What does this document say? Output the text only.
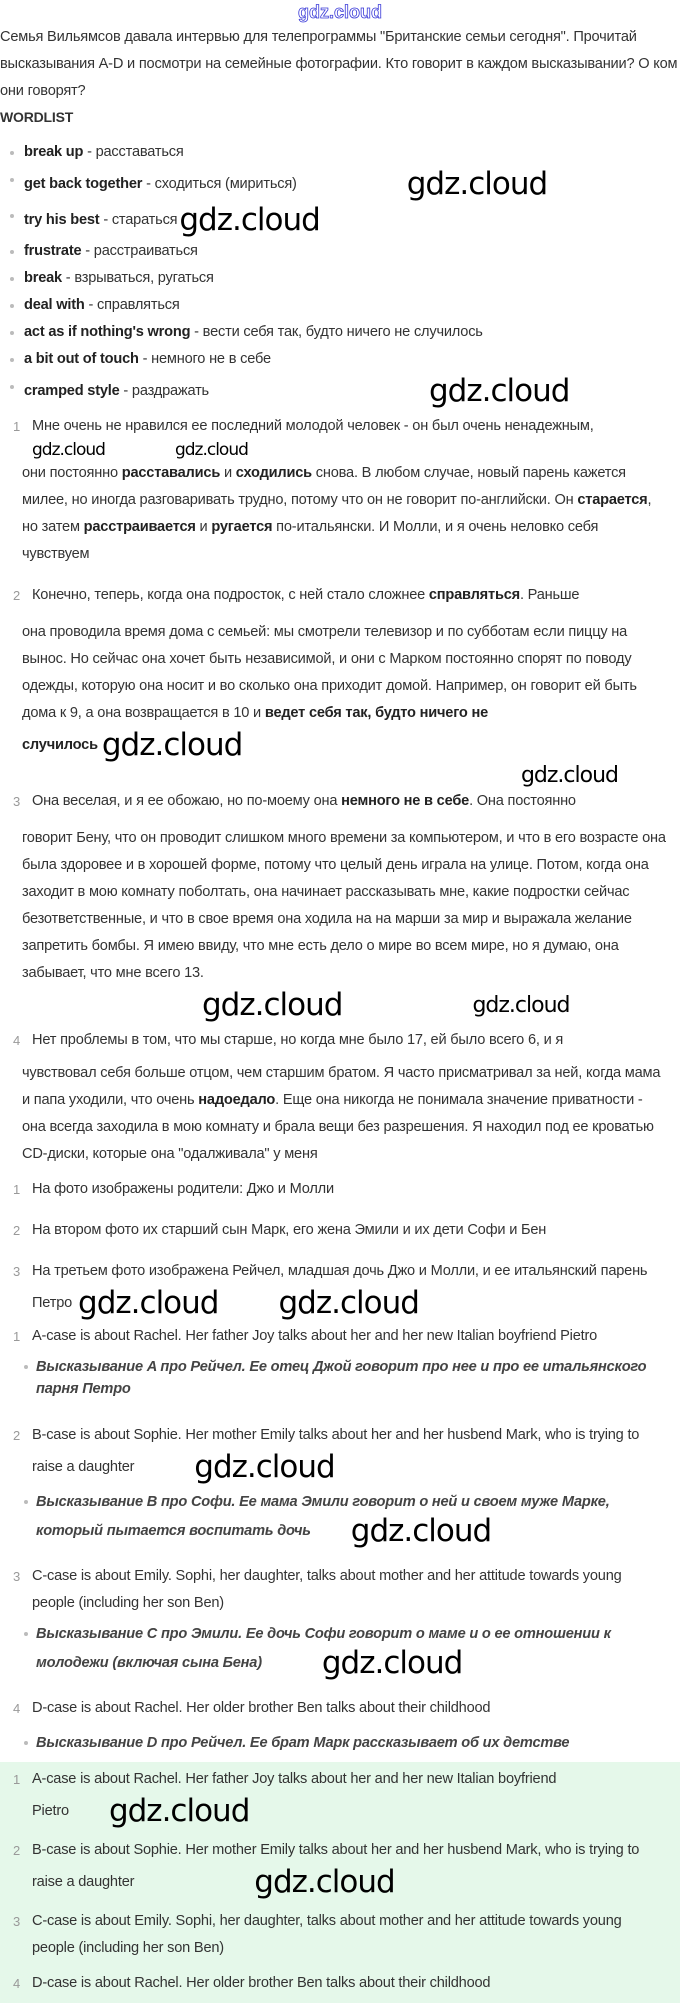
gdz.cloud
Семья Вильямсов давала интервью для телепрограммы "Британские семьи сегодня". Прочитай высказывания A-D и посмотри на семейные фотографии. Кто говорит в каждом высказывании? О ком они говорят?
WORDLIST
break up - расставаться
get back together - сходиться (мириться)	gdz.cloud
try his best - старатьсяgdz.cloud
frustrate - расстраиваться
break - взрываться, ругаться
deal with - справляться
act as if nothing's wrong - вести себя так, будто ничего не случилось
a bit out of touch - немного не в себе
cramped style - раздражать	gdz.cloud
1 Мне очень не нравился ее последний молодой человек - он был очень ненадежным,
gdz.cloud	gdz.cloud
они постоянно расставались и сходились снова. В любом случае, новый парень кажется милее, но иногда разговаривать трудно, потому что он не говорит по-английски. Он старается, но затем расстраивается и ругается по-итальянски. И Молли, и я очень неловко себя чувствуем
2 Конечно, теперь, когда она подросток, с ней стало сложнее справляться. Раньше
она проводила время дома с семьей: мы смотрели телевизор и по субботам если пиццу на вынос. Но сейчас она хочет быть независимой, и они с Марком постоянно спорят по поводу одежды, которую она носит и во сколько она приходит домой. Например, он говорит ей быть дома к 9, а она возвращается в 10 и ведет себя так, будто ничего не случилось gdz.cloud
gdz.cloud
3 Она веселая, и я ее обожаю, но по-моему она немного не в себе. Она постоянно
говорит Бену, что он проводит слишком много времени за компьютером, и что в его возрасте она была здоровее и в хорошей форме, потому что целый день играла на улице. Потом, когда она заходит в мою комнату поболтать, она начинает рассказывать мне, какие подростки сейчас безответственные, и что в свое время она ходила на на марши за мир и выражала желание запретить бомбы. Я имею ввиду, что мне есть дело о мире во всем мире, но я думаю, она забывает, что мне всего 13.
gdz.cloud	gdz.cloud
4 Нет проблемы в том, что мы старше, но когда мне было 17, ей было всего 6, и я
чувствовал себя больше отцом, чем старшим братом. Я часто присматривал за ней, когда мама и папа уходили, что очень надоедало. Еще она никогда не понимала значение приватности - она всегда заходила в мою комнату и брала вещи без разрешения. Я находил под ее кроватью CD-диски, которые она "одалживала" у меня
1 На фото изображены родители: Джо и Молли
2 На втором фото их старший сын Марк, его жена Эмили и их дети Софи и Бен
3 На третьем фото изображена Рейчел, младшая дочь Джо и Молли, и ее итальянский парень Петро gdz.cloud gdz.cloud
1 A-case is about Rachel. Her father Joy talks about her and her new Italian boyfriend Pietro
Высказывание A про Рейчел. Ее отец Джой говорит про нее и про ее итальянского парня Петро
2 B-case is about Sophie. Her mother Emily talks about her and her husbend Mark, who is trying to raise a daughter gdz.cloud
Высказывание B про Софи. Ее мама Эмили говорит о ней и своем муже Марке, который пытается воспитать дочь gdz.cloud
3 C-case is about Emily. Sophi, her daughter, talks about mother and her attitude towards young people (including her son Ben)
Высказывание C про Эмили. Ее дочь Софи говорит о маме и о ее отношении к молодежи (включая сына Бена) gdz.cloud
4 D-case is about Rachel. Her older brother Ben talks about their childhood
Высказывание D про Рейчел. Ее брат Марк рассказывает об их детстве
1 A-case is about Rachel. Her father Joy talks about her and her new Italian boyfriend Pietro gdz.cloud
2 B-case is about Sophie. Her mother Emily talks about her and her husbend Mark, who is trying to raise a daughter	gdz.cloud
3 C-case is about Emily. Sophi, her daughter, talks about mother and her attitude towards young people (including her son Ben)
4 D-case is about Rachel. Her older brother Ben talks about their childhood
